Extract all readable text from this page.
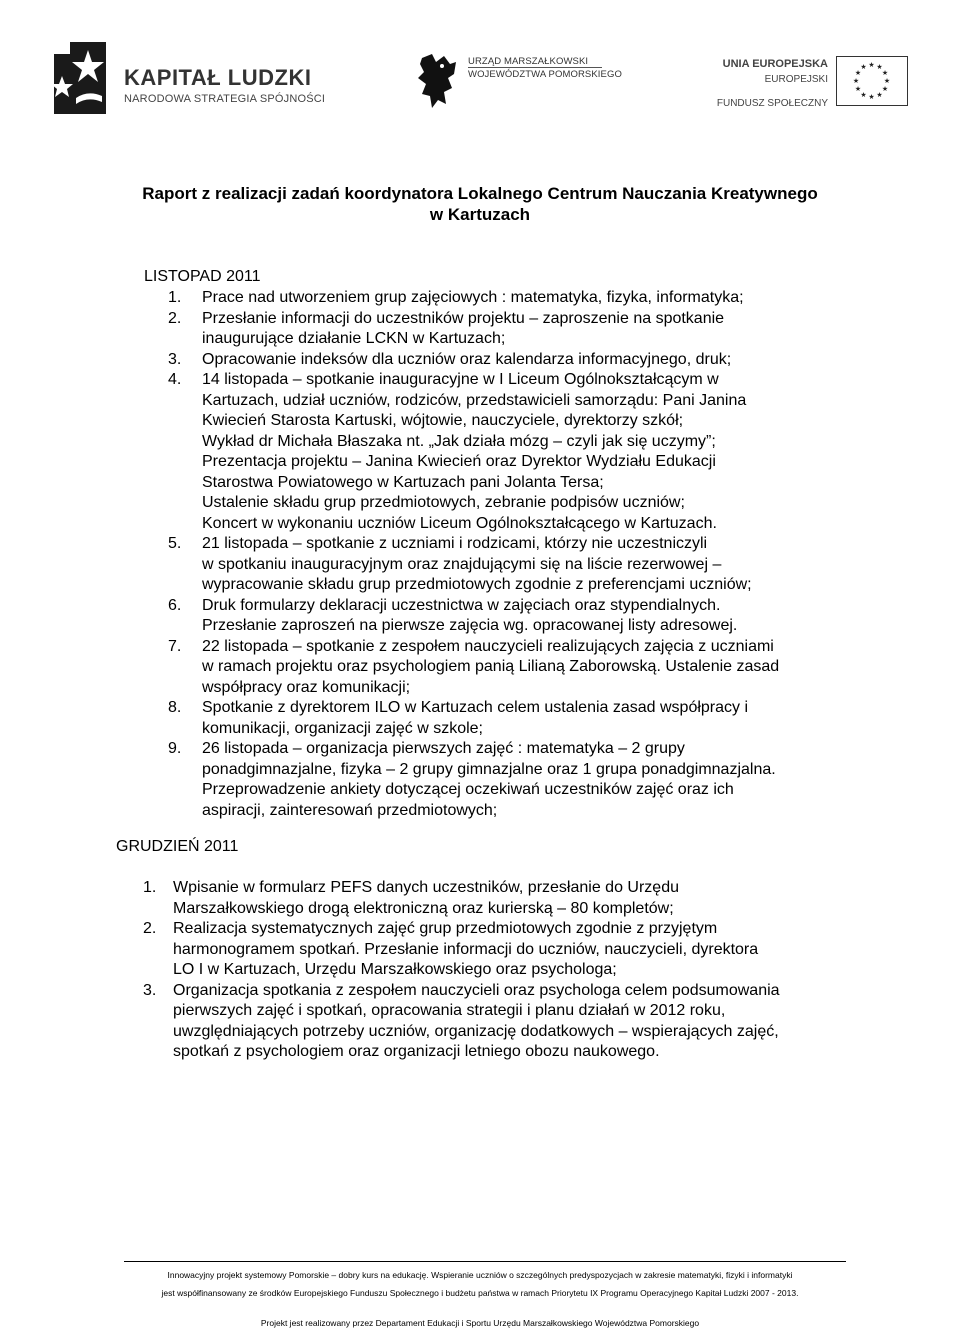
KAPITAŁ LUDZKI
NARODOWA STRATEGIA SPÓJNOŚCI
URZĄD MARSZAŁKOWSKI
WOJEWÓDZTWA POMORSKIEGO
UNIA EUROPEJSKA
EUROPEJSKI
FUNDUSZ SPOŁECZNY
★ ★
★
★
★
★
★
★
★
★
★
★
Raport z realizacji zadań koordynatora Lokalnego Centrum Nauczania Kreatywnego
w Kartuzach
LISTOPAD 2011
1. Prace nad utworzeniem grup zajęciowych : matematyka, fizyka, informatyka;
2. Przesłanie informacji do uczestników projektu – zaproszenie na spotkanie
inaugurujące działanie LCKN w Kartuzach;
3. Opracowanie indeksów dla uczniów oraz kalendarza informacyjnego, druk;
4. 14 listopada – spotkanie inauguracyjne w I Liceum Ogólnokształcącym w
Kartuzach, udział uczniów, rodziców, przedstawicieli samorządu: Pani Janina
Kwiecień Starosta Kartuski, wójtowie, nauczyciele, dyrektorzy szkół;
Wykład dr Michała Błaszaka nt. „Jak działa mózg – czyli jak się uczymy”;
Prezentacja projektu – Janina Kwiecień oraz Dyrektor Wydziału Edukacji
Starostwa Powiatowego w Kartuzach pani Jolanta Tersa;
Ustalenie składu grup przedmiotowych, zebranie podpisów uczniów;
Koncert w wykonaniu uczniów Liceum Ogólnokształcącego w Kartuzach.
5. 21 listopada – spotkanie z uczniami i rodzicami, którzy nie uczestniczyli
w spotkaniu inauguracyjnym oraz znajdującymi się na liście rezerwowej –
wypracowanie składu grup przedmiotowych zgodnie z preferencjami uczniów;
6. Druk formularzy deklaracji uczestnictwa w zajęciach oraz stypendialnych.
Przesłanie zaproszeń na pierwsze zajęcia wg. opracowanej listy adresowej.
7. 22 listopada – spotkanie z zespołem nauczycieli realizujących zajęcia z uczniami
w ramach projektu oraz psychologiem panią Lilianą Zaborowską. Ustalenie zasad
współpracy oraz komunikacji;
8. Spotkanie z dyrektorem ILO w Kartuzach celem ustalenia zasad współpracy i
komunikacji, organizacji zajęć w szkole;
9. 26 listopada – organizacja pierwszych zajęć : matematyka – 2 grupy
ponadgimnazjalne, fizyka – 2 grupy gimnazjalne oraz 1 grupa ponadgimnazjalna.
Przeprowadzenie ankiety dotyczącej oczekiwań uczestników zajęć oraz ich
aspiracji, zainteresowań przedmiotowych;
GRUDZIEŃ 2011
1. Wpisanie w formularz PEFS danych uczestników, przesłanie do Urzędu
Marszałkowskiego drogą elektroniczną oraz kurierską – 80 kompletów;
2. Realizacja systematycznych zajęć grup przedmiotowych zgodnie z przyjętym
harmonogramem spotkań. Przesłanie informacji do uczniów, nauczycieli, dyrektora
LO I w Kartuzach, Urzędu Marszałkowskiego oraz psychologa;
3. Organizacja spotkania z zespołem nauczycieli oraz psychologa celem podsumowania
pierwszych zajęć i spotkań, opracowania strategii i planu działań w 2012 roku,
uwzględniających potrzeby uczniów, organizację dodatkowych – wspierających zajęć,
spotkań z psychologiem oraz organizacji letniego obozu naukowego.
Innowacyjny projekt systemowy Pomorskie – dobry kurs na edukację. Wspieranie uczniów o szczególnych predyspozycjach w zakresie matematyki, fizyki i informatyki
jest współfinansowany ze środków Europejskiego Funduszu Społecznego i budżetu państwa w ramach Priorytetu IX Programu Operacyjnego Kapitał Ludzki 2007 - 2013.
Projekt jest realizowany przez Departament Edukacji i Sportu Urzędu Marszałkowskiego Województwa Pomorskiego
